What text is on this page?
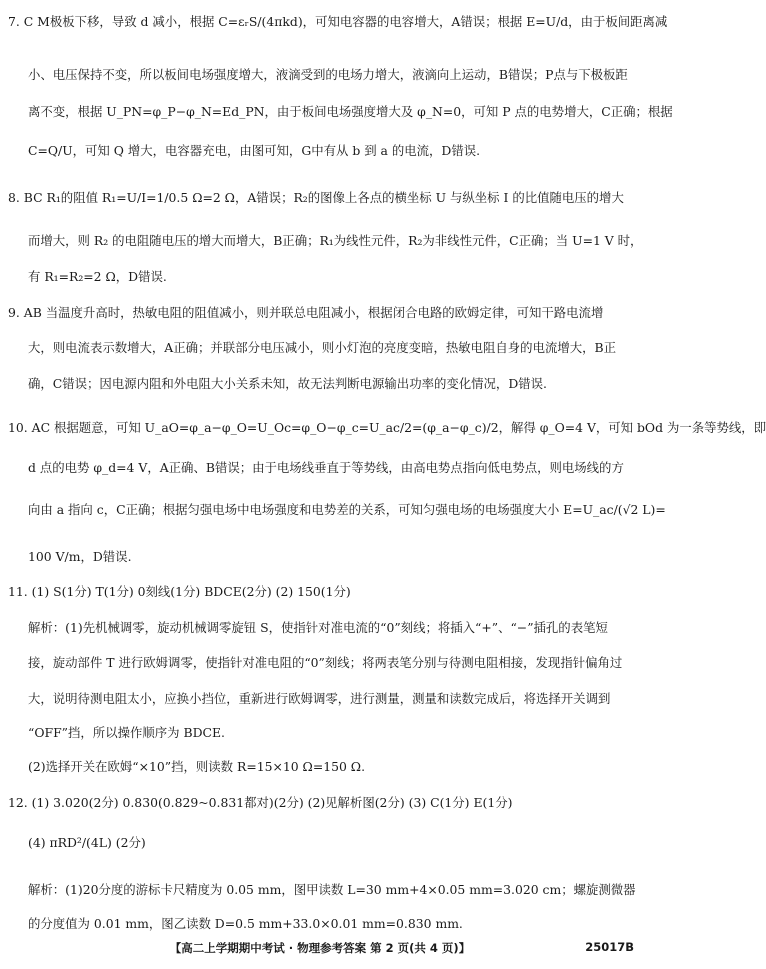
7. C M极板下移，导致 d 减小，根据 C=εᵣS/(4πkd)，可知电容器的电容增大，A错误；根据 E=U/d，由于板间距离减
小、电压保持不变，所以板间电场强度增大，液滴受到的电场力增大，液滴向上运动，B错误；P点与下极板距
离不变，根据 U_PN=φ_P−φ_N=Ed_PN，由于板间电场强度增大及 φ_N=0，可知 P 点的电势增大，C正确；根据
C=Q/U，可知 Q 增大，电容器充电，由图可知，G中有从 b 到 a 的电流，D错误.
8. BC R₁的阻值 R₁=U/I=1/0.5 Ω=2 Ω，A错误；R₂的图像上各点的横坐标 U 与纵坐标 I 的比值随电压的增大
而增大，则 R₂ 的电阻随电压的增大而增大，B正确；R₁为线性元件，R₂为非线性元件，C正确；当 U=1 V 时，
有 R₁=R₂=2 Ω，D错误.
9. AB 当温度升高时，热敏电阻的阻值减小，则并联总电阻减小，根据闭合电路的欧姆定律，可知干路电流增
大，则电流表示数增大，A正确；并联部分电压减小，则小灯泡的亮度变暗，热敏电阻自身的电流增大，B正
确，C错误；因电源内阻和外电阻大小关系未知，故无法判断电源输出功率的变化情况，D错误.
10. AC 根据题意，可知 U_aO=φ_a−φ_O=U_Oc=φ_O−φ_c=U_ac/2=(φ_a−φ_c)/2，解得 φ_O=4 V，可知 bOd 为一条等势线，即
d 点的电势 φ_d=4 V，A正确、B错误；由于电场线垂直于等势线，由高电势点指向低电势点，则电场线的方
向由 a 指向 c，C正确；根据匀强电场中电场强度和电势差的关系，可知匀强电场的电场强度大小 E=U_ac/(√2 L)=
100 V/m，D错误.
11. (1) S(1分) T(1分) 0刻线(1分) BDCE(2分) (2) 150(1分)
解析：(1)先机械调零，旋动机械调零旋钮 S，使指针对准电流的“0”刻线；将插入“+”、“−”插孔的表笔短
接，旋动部件 T 进行欧姆调零，使指针对准电阻的“0”刻线；将两表笔分别与待测电阻相接，发现指针偏角过
大，说明待测电阻太小，应换小挡位，重新进行欧姆调零，进行测量，测量和读数完成后，将选择开关调到
“OFF”挡，所以操作顺序为 BDCE.
(2)选择开关在欧姆“×10”挡，则读数 R=15×10 Ω=150 Ω.
12. (1) 3.020(2分) 0.830(0.829~0.831都对)(2分) (2)见解析图(2分) (3) C(1分) E(1分)
(4) πRD²/(4L) (2分)
解析：(1)20分度的游标卡尺精度为 0.05 mm，图甲读数 L=30 mm+4×0.05 mm=3.020 cm；螺旋测微器
的分度值为 0.01 mm，图乙读数 D=0.5 mm+33.0×0.01 mm=0.830 mm.
【高二上学期期中考试 · 物理参考答案 第 2 页(共 4 页)】	25017B
